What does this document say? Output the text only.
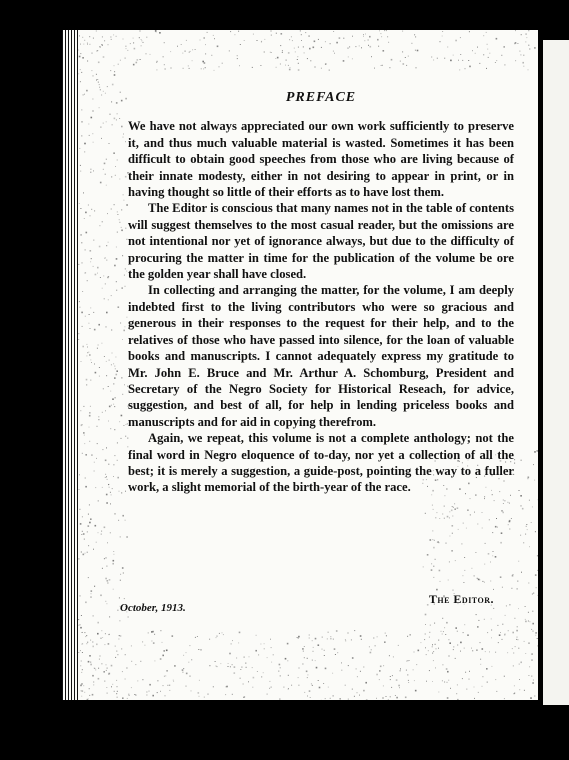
PREFACE

We have not always appreciated our own work sufficiently to preserve it, and thus much valuable material is wasted. Sometimes it has been difficult to obtain good speeches from those who are living because of their innate modesty, either in not desiring to appear in print, or in having thought so little of their efforts as to have lost them.

The Editor is conscious that many names not in the table of contents will suggest themselves to the most casual reader, but the omissions are not intentional nor yet of ignorance always, but due to the difficulty of procuring the matter in time for the publication of the volume be ore the golden year shall have closed.

In collecting and arranging the matter, for the volume, I am deeply indebted first to the living contributors who were so gracious and generous in their responses to the request for their help, and to the relatives of those who have passed into silence, for the loan of valuable books and manuscripts. I cannot adequately express my gratitude to Mr. John E. Bruce and Mr. Arthur A. Schomburg, President and Secretary of the Negro Society for Historical Reseach, for advice, suggestion, and best of all, for help in lending priceless books and manuscripts and for aid in copying therefrom.

Again, we repeat, this volume is not a complete anthology; not the final word in Negro eloquence of to-day, nor yet a collection of all the best; it is merely a suggestion, a guide-post, pointing the way to a fuller work, a slight memorial of the birth-year of the race.

October, 1913.
The Editor.
